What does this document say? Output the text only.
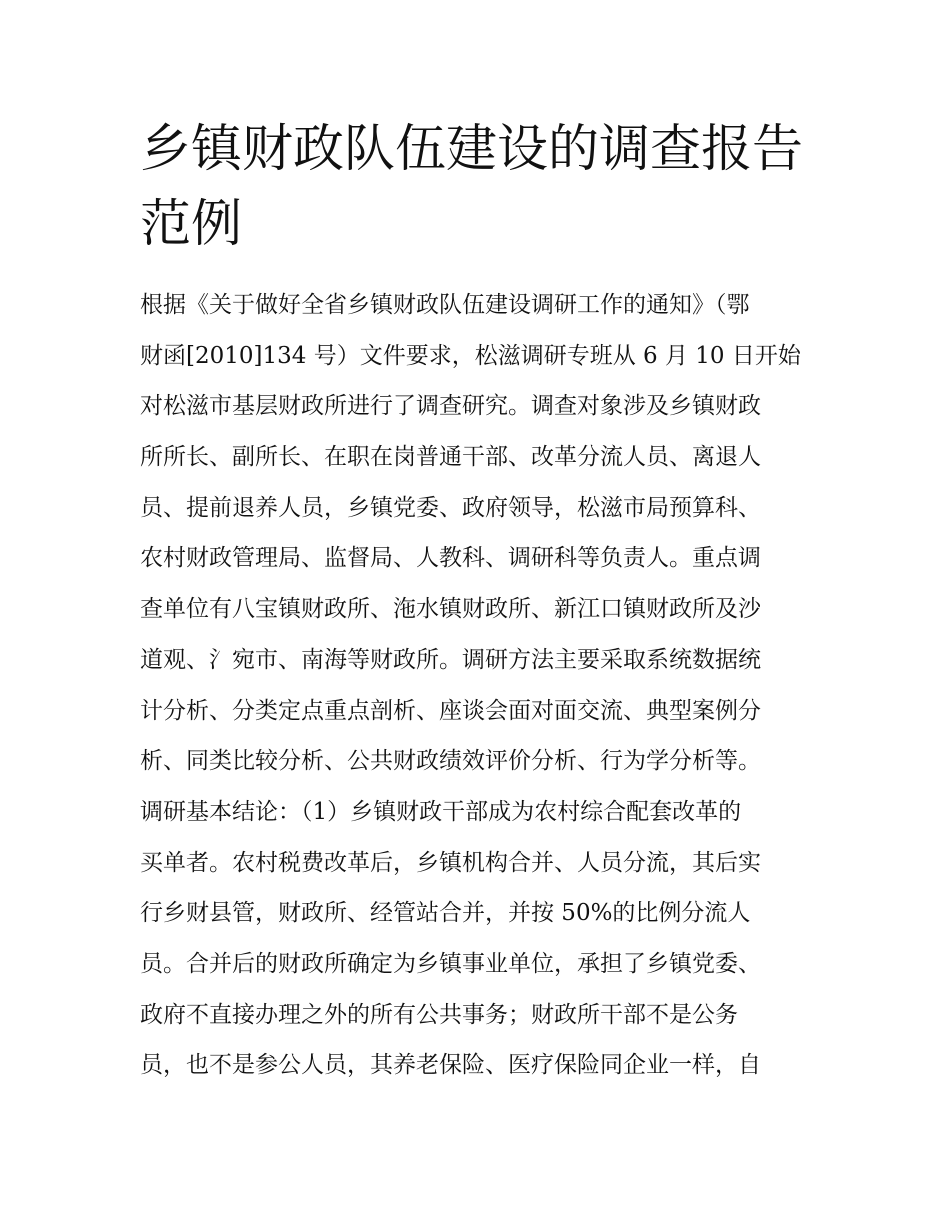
乡镇财政队伍建设的调查报告
范例
根据《关于做好全省乡镇财政队伍建设调研工作的通知》（鄂
财函[2010]134 号）文件要求，松滋调研专班从 6 月 10 日开始
对松滋市基层财政所进行了调查研究。调查对象涉及乡镇财政
所所长、副所长、在职在岗普通干部、改革分流人员、离退人
员、提前退养人员，乡镇党委、政府领导，松滋市局预算科、
农村财政管理局、监督局、人教科、调研科等负责人。重点调
查单位有八宝镇财政所、沲水镇财政所、新江口镇财政所及沙
道观、氵宛市、南海等财政所。调研方法主要采取系统数据统
计分析、分类定点重点剖析、座谈会面对面交流、典型案例分
析、同类比较分析、公共财政绩效评价分析、行为学分析等。
调研基本结论：（1）乡镇财政干部成为农村综合配套改革的
买单者。农村税费改革后，乡镇机构合并、人员分流，其后实
行乡财县管，财政所、经管站合并，并按 50%的比例分流人
员。合并后的财政所确定为乡镇事业单位，承担了乡镇党委、
政府不直接办理之外的所有公共事务；财政所干部不是公务
员，也不是参公人员，其养老保险、医疗保险同企业一样，自
